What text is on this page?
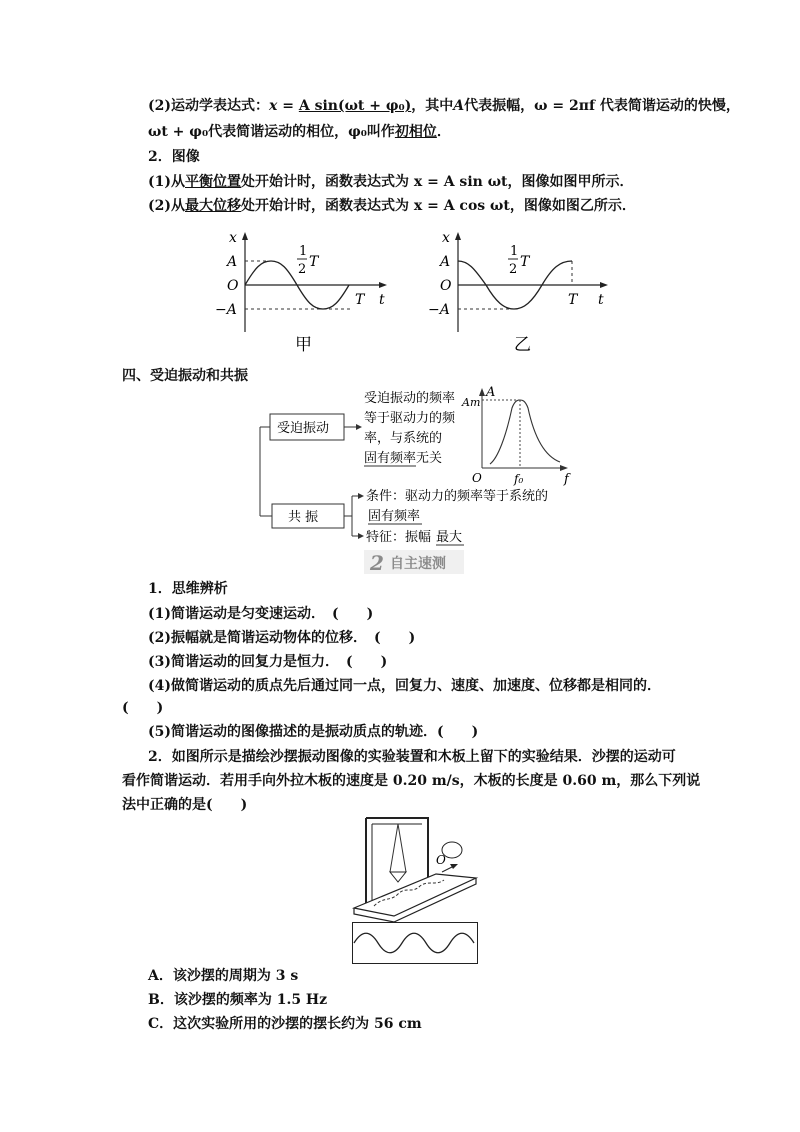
(2)运动学表达式：x = A sin(ωt + φ₀)，其中A代表振幅，ω = 2πf 代表简谐运动的快慢，
ωt + φ₀代表简谐运动的相位，φ₀叫作初相位．
2．图像
(1)从平衡位置处开始计时，函数表达式为 x = A sin ωt，图像如图甲所示．
(2)从最大位移处开始计时，函数表达式为 x = A cos ωt，图像如图乙所示．
x
A
O
−A
1
2 T
T t
甲
x
A
O
−A
1
2 T
T t
乙
四、受迫振动和共振
受迫振动
受迫振动的频率
等于驱动力的频
率，与系统的
固有频率无关
A
Am
O	f₀	f
共 振
条件：驱动力的频率等于系统的
固有频率
特征：振幅 最大
2 自主速测
1．思维辨析
(1)简谐运动是匀变速运动．　(　　)
(2)振幅就是简谐运动物体的位移．　(　　)
(3)简谐运动的回复力是恒力．　(　　)
(4)做简谐运动的质点先后通过同一点，回复力、速度、加速度、位移都是相同的．
(　　)
(5)简谐运动的图像描述的是振动质点的轨迹．(　　)
2．如图所示是描绘沙摆振动图像的实验装置和木板上留下的实验结果．沙摆的运动可
看作简谐运动．若用手向外拉木板的速度是 0.20 m/s，木板的长度是 0.60 m，那么下列说
法中正确的是(　　)
O
A．该沙摆的周期为 3 s
B．该沙摆的频率为 1.5 Hz
C．这次实验所用的沙摆的摆长约为 56 cm
